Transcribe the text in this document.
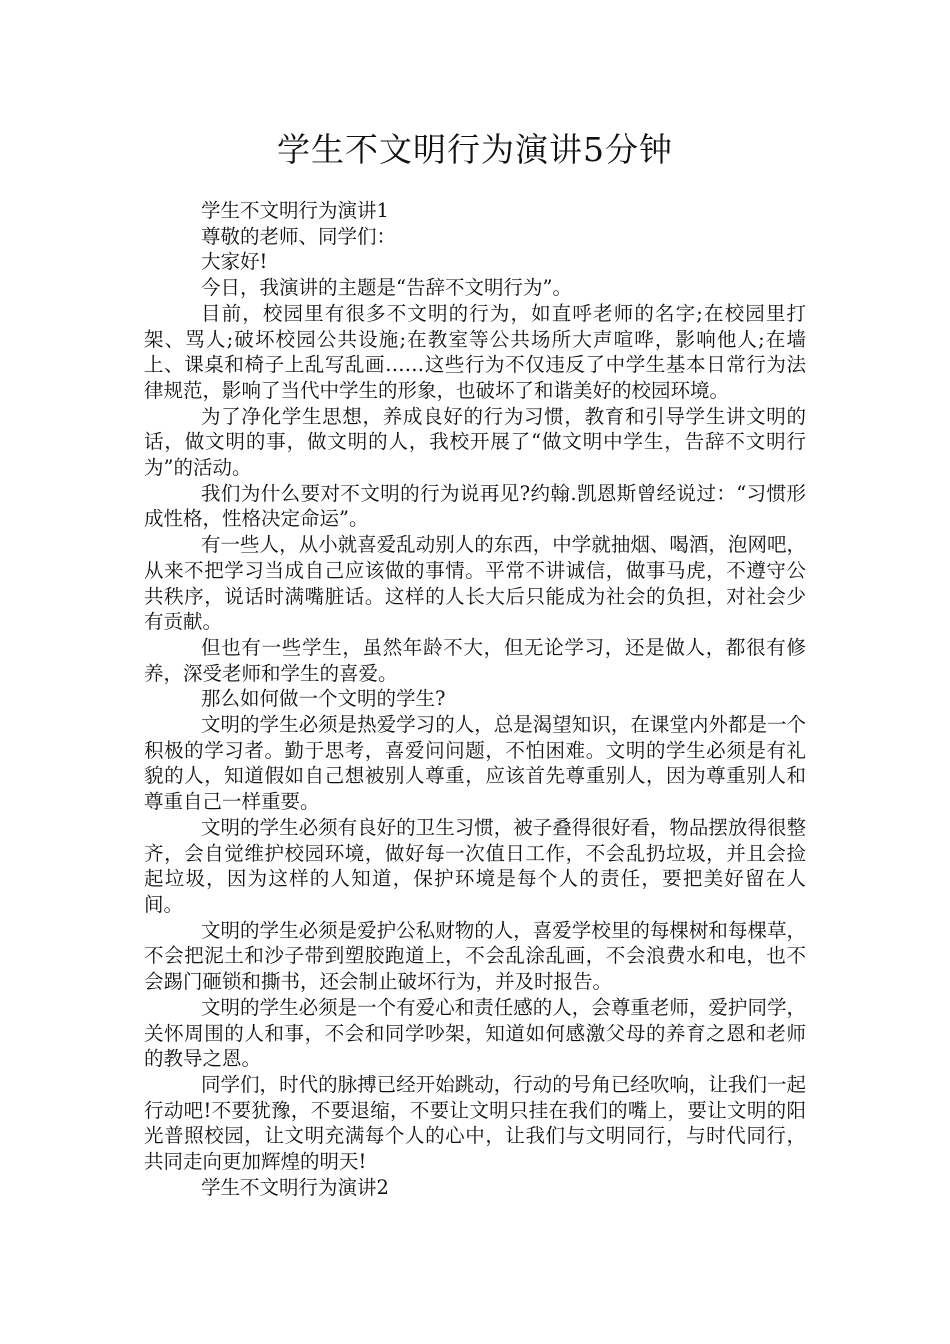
学生不文明行为演讲5分钟

学生不文明行为演讲1

尊敬的老师、同学们：

大家好!

今日，我演讲的主题是“告辞不文明行为”。

目前，校园里有很多不文明的行为，如直呼老师的名字;在校园里打架、骂人;破坏校园公共设施;在教室等公共场所大声喧哗，影响他人;在墙上、课桌和椅子上乱写乱画……这些行为不仅违反了中学生基本日常行为法律规范，影响了当代中学生的形象，也破坏了和谐美好的校园环境。

为了净化学生思想，养成良好的行为习惯，教育和引导学生讲文明的话，做文明的事，做文明的人，我校开展了“做文明中学生，告辞不文明行为”的活动。

我们为什么要对不文明的行为说再见?约翰.凯恩斯曾经说过：“习惯形成性格，性格决定命运”。

有一些人，从小就喜爱乱动别人的东西，中学就抽烟、喝酒，泡网吧，从来不把学习当成自己应该做的事情。平常不讲诚信，做事马虎，不遵守公共秩序，说话时满嘴脏话。这样的人长大后只能成为社会的负担，对社会少有贡献。

但也有一些学生，虽然年龄不大，但无论学习，还是做人，都很有修养，深受老师和学生的喜爱。

那么如何做一个文明的学生?

文明的学生必须是热爱学习的人，总是渴望知识，在课堂内外都是一个积极的学习者。勤于思考，喜爱问问题，不怕困难。文明的学生必须是有礼貌的人，知道假如自己想被别人尊重，应该首先尊重别人，因为尊重别人和尊重自己一样重要。

文明的学生必须有良好的卫生习惯，被子叠得很好看，物品摆放得很整齐，会自觉维护校园环境，做好每一次值日工作，不会乱扔垃圾，并且会捡起垃圾，因为这样的人知道，保护环境是每个人的责任，要把美好留在人间。

文明的学生必须是爱护公私财物的人，喜爱学校里的每棵树和每棵草，不会把泥土和沙子带到塑胶跑道上，不会乱涂乱画，不会浪费水和电，也不会踢门砸锁和撕书，还会制止破坏行为，并及时报告。

文明的学生必须是一个有爱心和责任感的人，会尊重老师，爱护同学，关怀周围的人和事，不会和同学吵架，知道如何感激父母的养育之恩和老师的教导之恩。

同学们，时代的脉搏已经开始跳动，行动的号角已经吹响，让我们一起行动吧!不要犹豫，不要退缩，不要让文明只挂在我们的嘴上，要让文明的阳光普照校园，让文明充满每个人的心中，让我们与文明同行，与时代同行，共同走向更加辉煌的明天!

学生不文明行为演讲2
